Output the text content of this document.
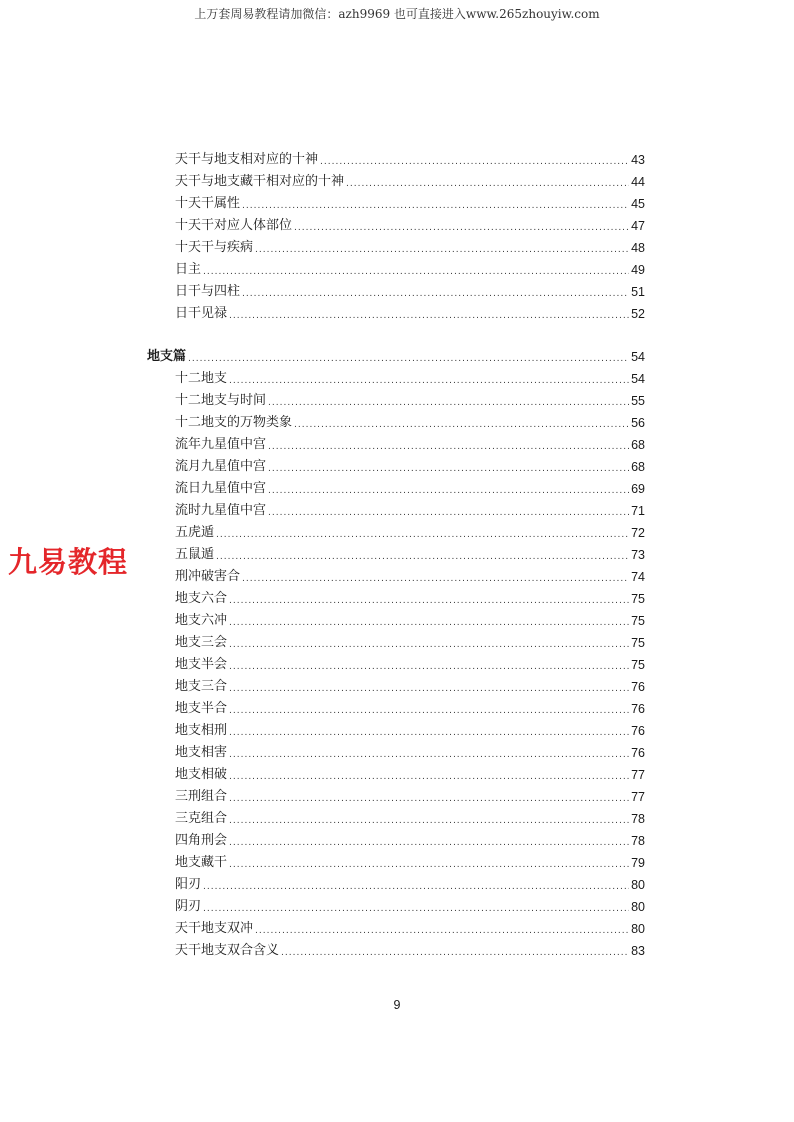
上万套周易教程请加微信：azh9969 也可直接进入www.265zhouyiw.com
天干与地支相对应的十神 .....	43
天干与地支藏干相对应的十神 .....	44
十天干属性 .....	45
十天干对应人体部位 .....	47
十天干与疾病 .....	48
日主 .....	49
日干与四柱 .....	51
日干见禄 .....	52
地支篇 .....	54
十二地支 .....	54
十二地支与时间 .....	55
十二地支的万物类象 .....	56
流年九星值中宫 .....	68
流月九星值中宫 .....	68
流日九星值中宫 .....	69
流时九星值中宫 .....	71
五虎遁 .....	72
五鼠遁 .....	73
刑冲破害合 .....	74
地支六合 .....	75
地支六冲 .....	75
地支三会 .....	75
地支半会 .....	75
地支三合 .....	76
地支半合 .....	76
地支相刑 .....	76
地支相害 .....	76
地支相破 .....	77
三刑组合 .....	77
三克组合 .....	78
四角刑会 .....	78
地支藏干 .....	79
阳刃 .....	80
阴刃 .....	80
天干地支双冲 .....	80
天干地支双合含义 .....	83
九易教程
9
